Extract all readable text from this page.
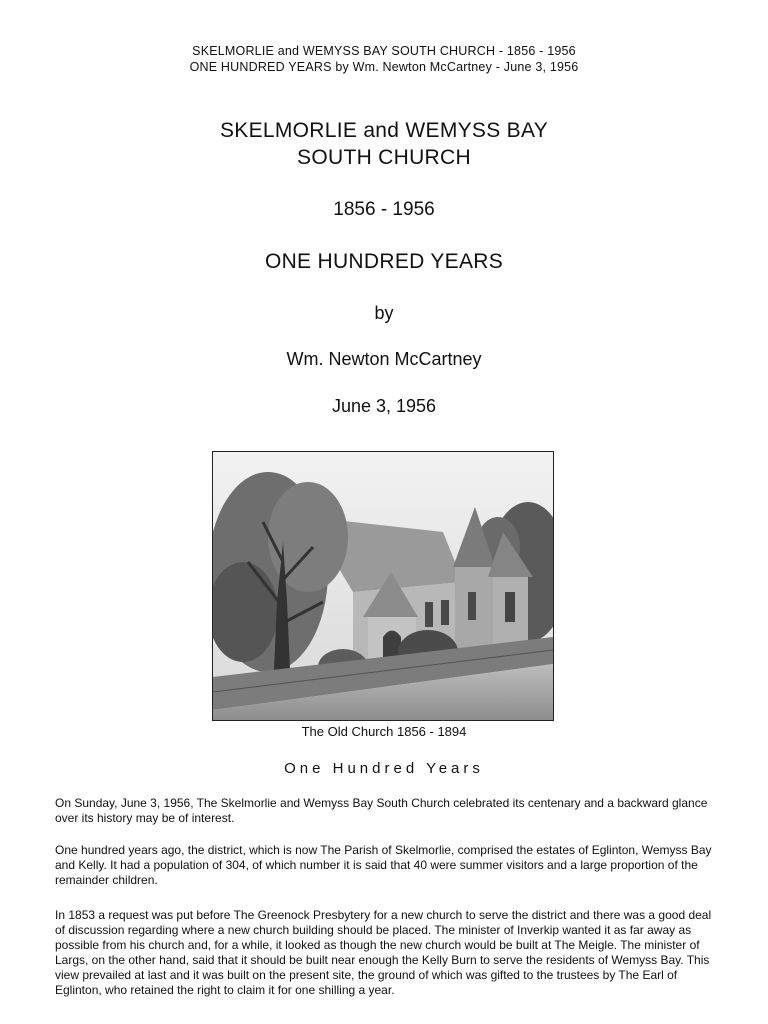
SKELMORLIE and WEMYSS BAY SOUTH CHURCH - 1856 - 1956
ONE HUNDRED YEARS by Wm. Newton McCartney - June 3, 1956
SKELMORLIE and WEMYSS BAY
SOUTH CHURCH
1856 - 1956
ONE HUNDRED YEARS
by
Wm. Newton McCartney
June 3, 1956
The Old Church 1856 - 1894
One Hundred Years
On Sunday, June 3, 1956, The Skelmorlie and Wemyss Bay South Church celebrated its centenary and a backward glance over its history may be of interest.
One hundred years ago, the district, which is now The Parish of Skelmorlie, comprised the estates of Eglinton, Wemyss Bay and Kelly. It had a population of 304, of which number it is said that 40 were summer visitors and a large proportion of the remainder children.
In 1853 a request was put before The Greenock Presbytery for a new church to serve the district and there was a good deal of discussion regarding where a new church building should be placed. The minister of Inverkip wanted it as far away as possible from his church and, for a while, it looked as though the new church would be built at The Meigle. The minister of Largs, on the other hand, said that it should be built near enough the Kelly Burn to serve the residents of Wemyss Bay. This view prevailed at last and it was built on the present site, the ground of which was gifted to the trustees by The Earl of Eglinton, who retained the right to claim it for one shilling a year.
